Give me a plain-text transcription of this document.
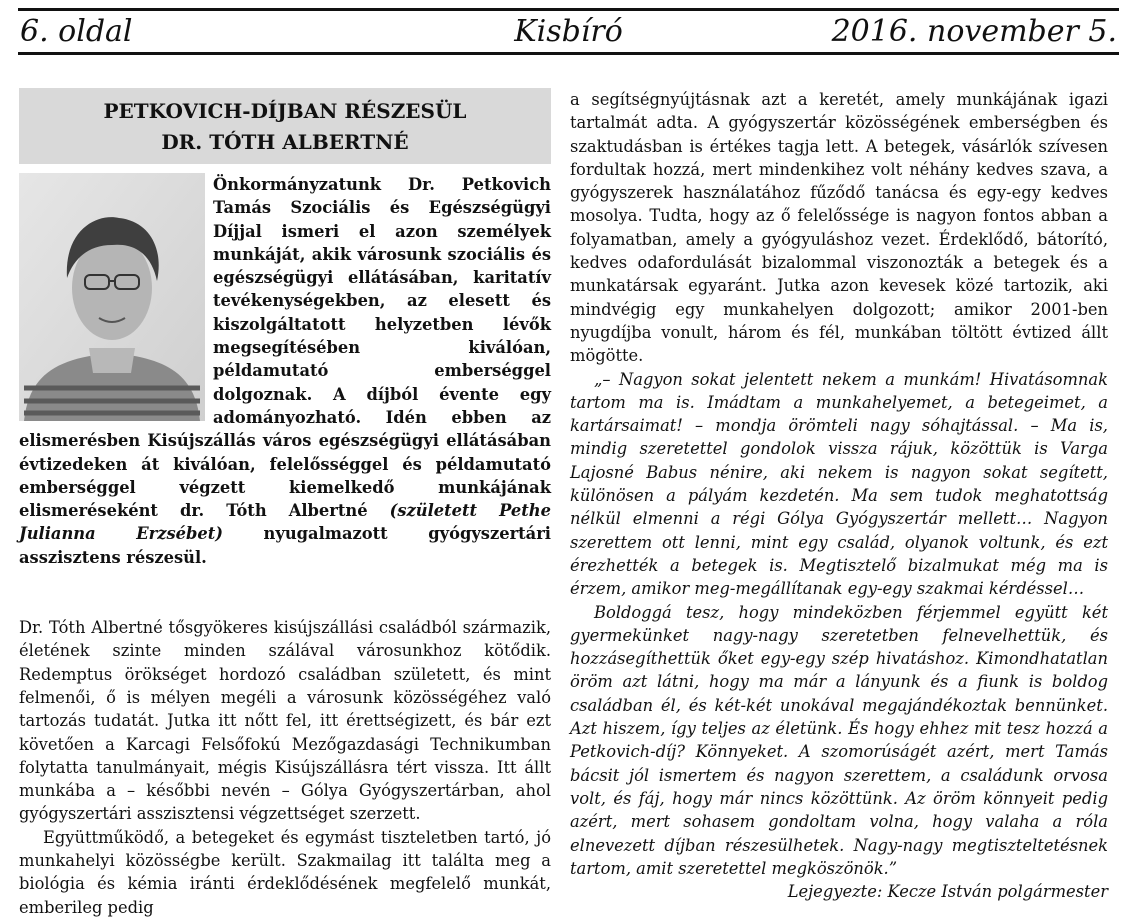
6. oldal	Kisbíró	2016. november 5.
PETKOVICH-DÍJBAN RÉSZESÜL
DR. TÓTH ALBERTNÉ

Önkormányzatunk Dr. Petkovich Tamás Szociális és Egészségügyi Díjjal ismeri el azon személyek munkáját, akik városunk szociális és egészségügyi ellátásában, karitatív tevékenységekben, az elesett és kiszolgáltatott helyzetben lévők megsegítésében kiválóan, példamutató emberséggel dolgoznak. A díjból évente egy adományozható. Idén ebben az elismerésben Kisújszállás város egészségügyi ellátásában évtizedeken át kiválóan, felelősséggel és példamutató emberséggel végzett kiemelkedő munkájának elismeréseként dr. Tóth Albertné (született Pethe Julianna Erzsébet) nyugalmazott gyógyszertári asszisztens részesül.

Dr. Tóth Albertné tősgyökeres kisújszállási családból származik, életének szinte minden szálával városunkhoz kötődik. Redemptus örökséget hordozó családban született, és mint felmenői, ő is mélyen megéli a városunk közösségéhez való tartozás tudatát. Jutka itt nőtt fel, itt érettségizett, és bár ezt követően a Karcagi Felsőfokú Mezőgazdasági Technikumban folytatta tanulmányait, mégis Kisújszállásra tért vissza. Itt állt munkába a – későbbi nevén – Gólya Gyógyszertárban, ahol gyógyszertári asszisztensi végzettséget szerzett.

Együttműködő, a betegeket és egymást tiszteletben tartó, jó munkahelyi közösségbe került. Szakmailag itt találta meg a biológia és kémia iránti érdeklődésének megfelelő munkát, emberileg pedig

a segítségnyújtásnak azt a keretét, amely munkájának igazi tartalmát adta. A gyógyszertár közösségének emberségben és szaktudásban is értékes tagja lett. A betegek, vásárlók szívesen fordultak hozzá, mert mindenkihez volt néhány kedves szava, a gyógyszerek használatához fűződő tanácsa és egy-egy kedves mosolya. Tudta, hogy az ő felelőssége is nagyon fontos abban a folyamatban, amely a gyógyuláshoz vezet. Érdeklődő, bátorító, kedves odafordulását bizalommal viszonozták a betegek és a munkatársak egyaránt. Jutka azon kevesek közé tartozik, aki mindvégig egy munkahelyen dolgozott; amikor 2001-ben nyugdíjba vonult, három és fél, munkában töltött évtized állt mögötte.

„– Nagyon sokat jelentett nekem a munkám! Hivatásomnak tartom ma is. Imádtam a munkahelyemet, a betegeimet, a kartársaimat! – mondja örömteli nagy sóhajtással. – Ma is, mindig szeretettel gondolok vissza rájuk, közöttük is Varga Lajosné Babus nénire, aki nekem is nagyon sokat segített, különösen a pályám kezdetén. Ma sem tudok meghatottság nélkül elmenni a régi Gólya Gyógyszertár mellett… Nagyon szerettem ott lenni, mint egy család, olyanok voltunk, és ezt érezhették a betegek is. Megtisztelő bizalmukat még ma is érzem, amikor meg-megállítanak egy-egy szakmai kérdéssel…

Boldoggá tesz, hogy mindeközben férjemmel együtt két gyermekünket nagy-nagy szeretetben felnevelhettük, és hozzásegíthettük őket egy-egy szép hivatáshoz. Kimondhatatlan öröm azt látni, hogy ma már a lányunk és a fiunk is boldog családban él, és két-két unokával megajándékoztak bennünket. Azt hiszem, így teljes az életünk. És hogy ehhez mit tesz hozzá a Petkovich-díj? Könnyeket. A szomorúságét azért, mert Tamás bácsit jól ismertem és nagyon szerettem, a családunk orvosa volt, és fáj, hogy már nincs közöttünk. Az öröm könnyeit pedig azért, mert sohasem gondoltam volna, hogy valaha a róla elnevezett díjban részesülhetek. Nagy-nagy megtiszteltetésnek tartom, amit szeretettel megköszönök.”

Lejegyezte: Kecze István polgármester
